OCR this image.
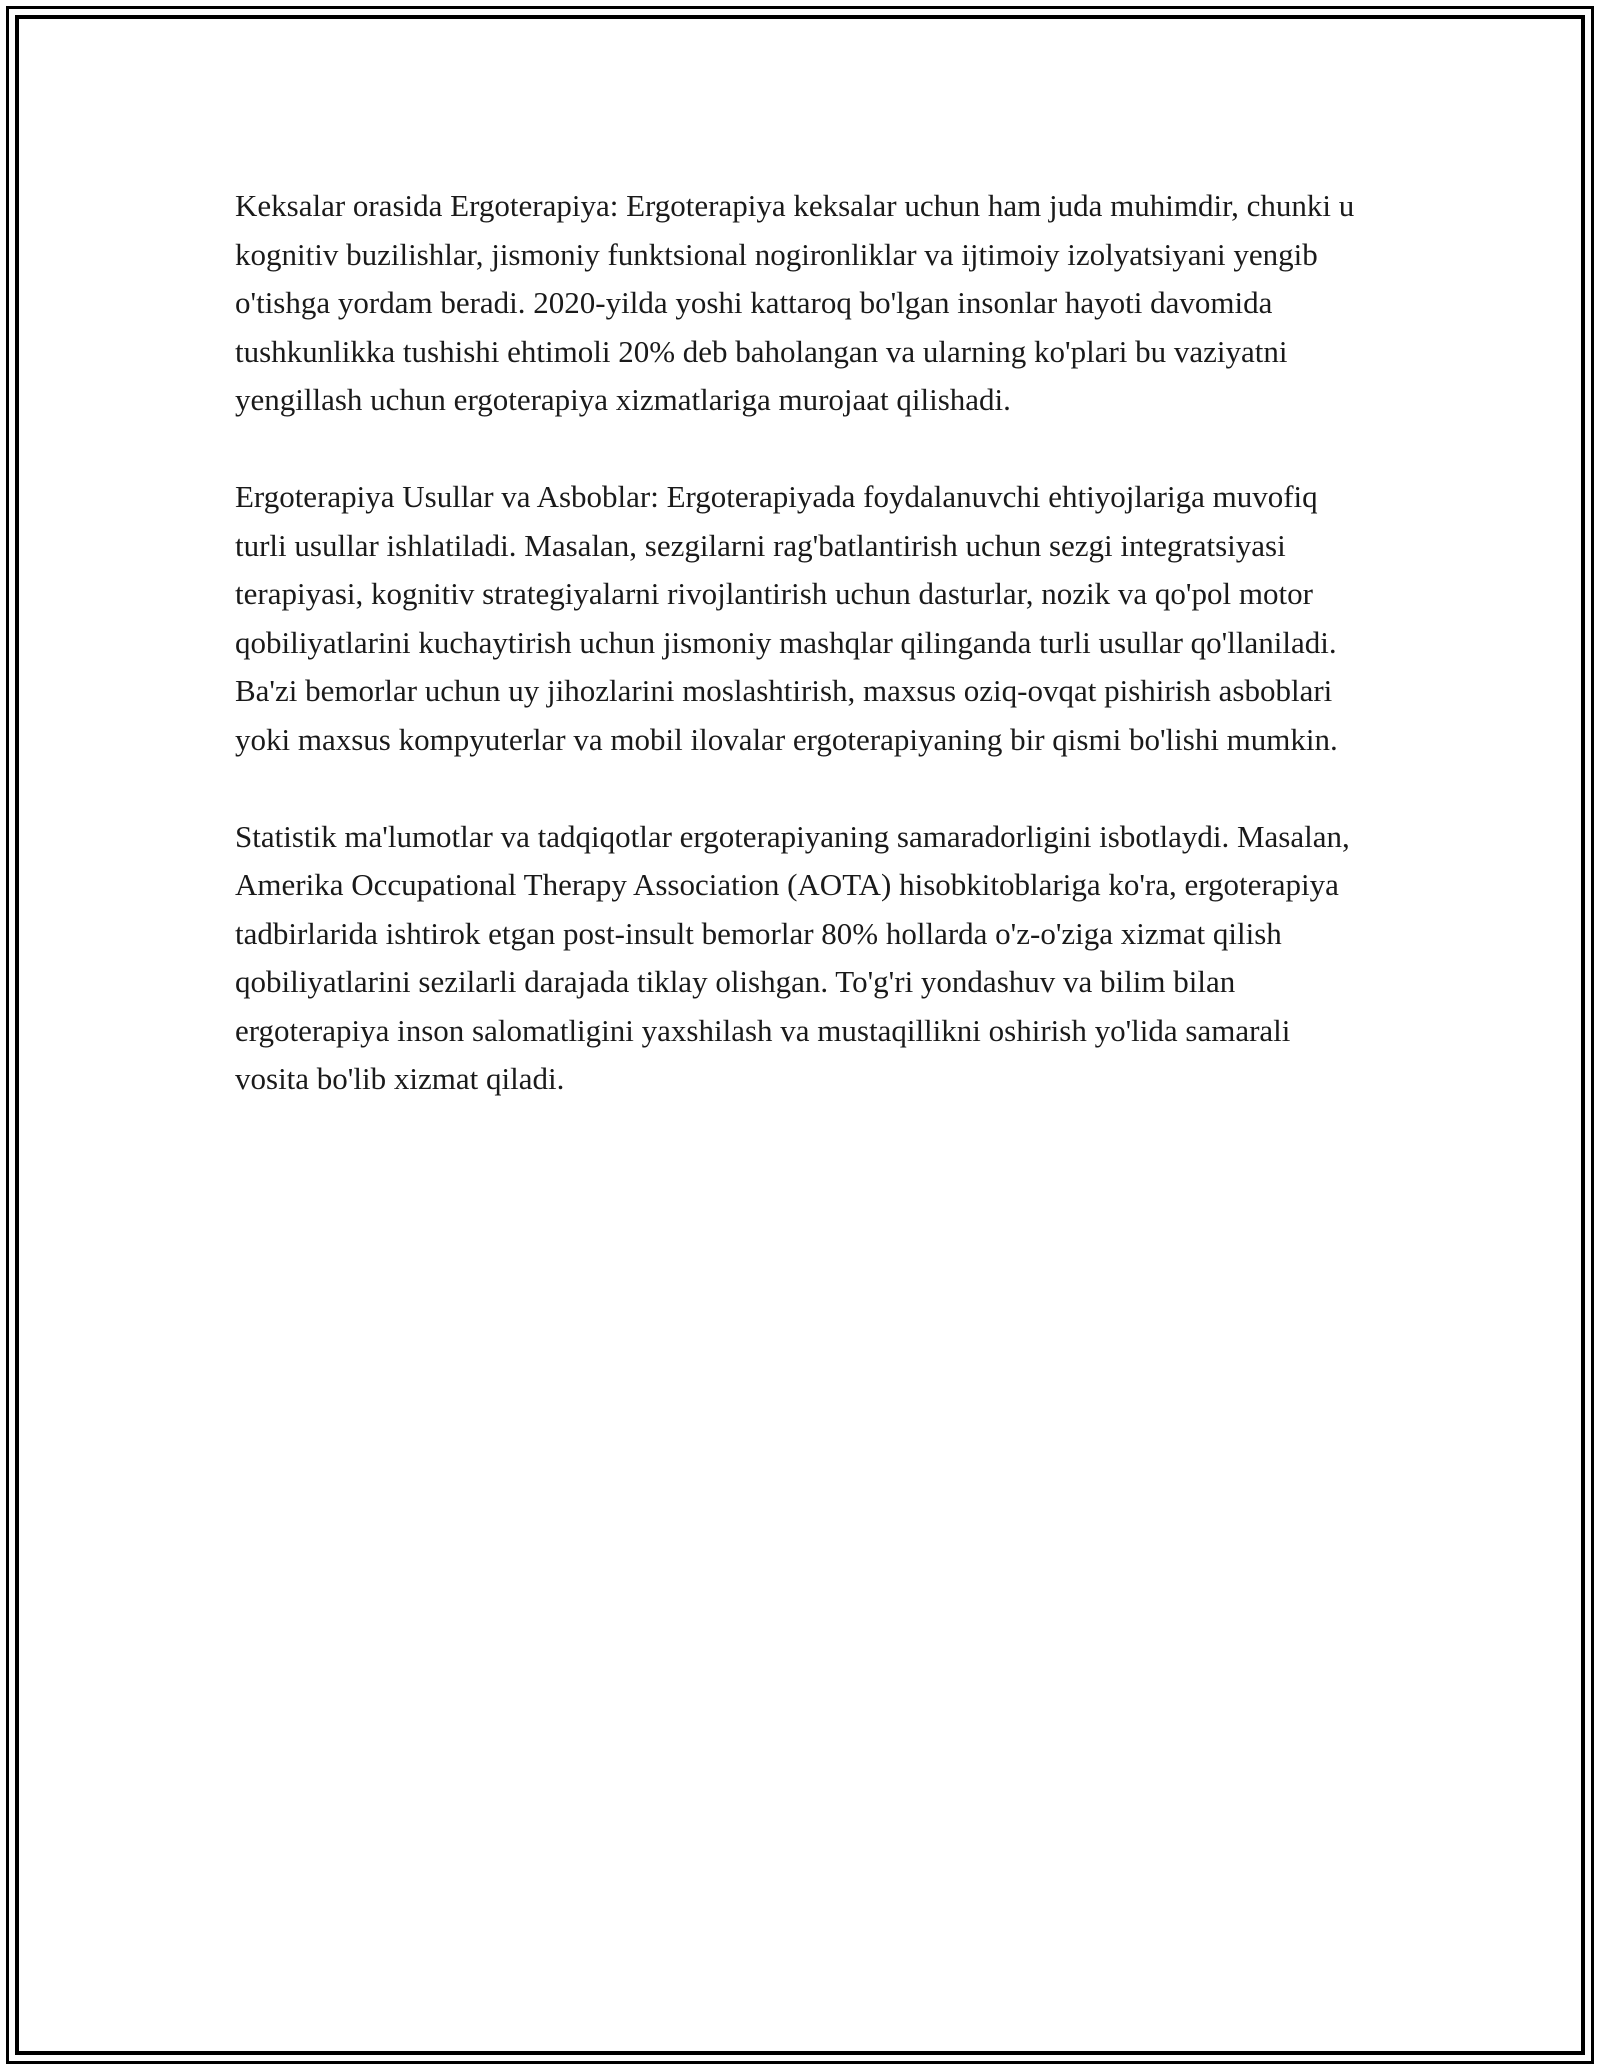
Keksalar orasida Ergoterapiya: Ergoterapiya keksalar uchun ham juda muhimdir, chunki u kognitiv buzilishlar, jismoniy funktsional nogironliklar va ijtimoiy izolyatsiyani yengib o'tishga yordam beradi. 2020-yilda yoshi kattaroq bo'lgan insonlar hayoti davomida tushkunlikka tushishi ehtimoli 20% deb baholangan va ularning ko'plari bu vaziyatni yengillash uchun ergoterapiya xizmatlariga murojaat qilishadi.

Ergoterapiya Usullar va Asboblar: Ergoterapiyada foydalanuvchi ehtiyojlariga muvofiq turli usullar ishlatiladi. Masalan, sezgilarni rag'batlantirish uchun sezgi integratsiyasi terapiyasi, kognitiv strategiyalarni rivojlantirish uchun dasturlar, nozik va qo'pol motor qobiliyatlarini kuchaytirish uchun jismoniy mashqlar qilinganda turli usullar qo'llaniladi. Ba'zi bemorlar uchun uy jihozlarini moslashtirish, maxsus oziq-ovqat pishirish asboblari yoki maxsus kompyuterlar va mobil ilovalar ergoterapiyaning bir qismi bo'lishi mumkin.

Statistik ma'lumotlar va tadqiqotlar ergoterapiyaning samaradorligini isbotlaydi. Masalan, Amerika Occupational Therapy Association (AOTA) hisobkitoblariga ko'ra, ergoterapiya tadbirlarida ishtirok etgan post-insult bemorlar 80% hollarda o'z-o'ziga xizmat qilish qobiliyatlarini sezilarli darajada tiklay olishgan. To'g'ri yondashuv va bilim bilan ergoterapiya inson salomatligini yaxshilash va mustaqillikni oshirish yo'lida samarali vosita bo'lib xizmat qiladi.
